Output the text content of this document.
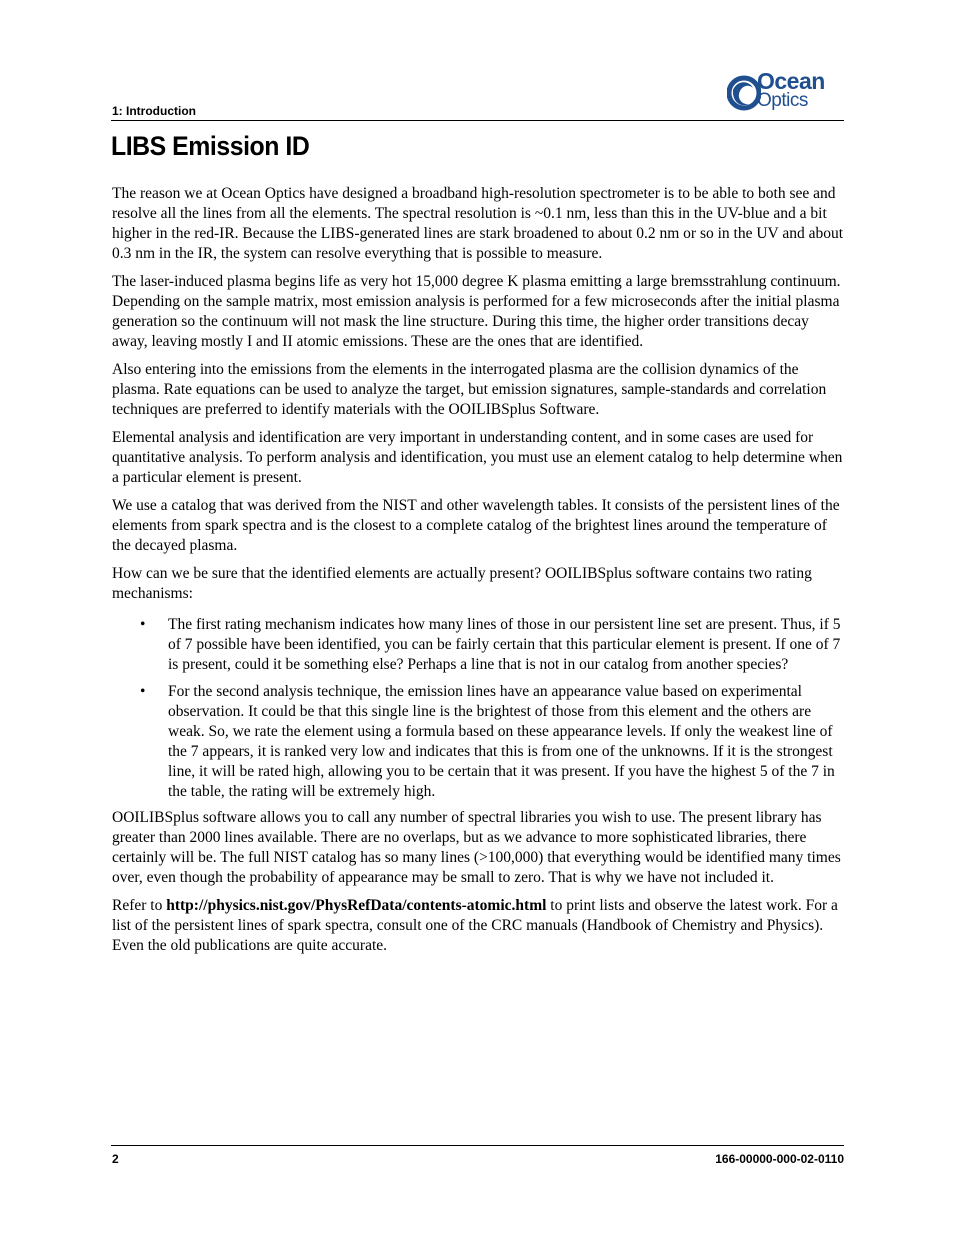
1: Introduction
Ocean
Optics
LIBS Emission ID

The reason we at Ocean Optics have designed a broadband high-resolution spectrometer is to be able to both see and resolve all the lines from all the elements. The spectral resolution is ~0.1 nm, less than this in the UV-blue and a bit higher in the red-IR. Because the LIBS-generated lines are stark broadened to about 0.2 nm or so in the UV and about 0.3 nm in the IR, the system can resolve everything that is possible to measure.

The laser-induced plasma begins life as very hot 15,000 degree K plasma emitting a large bremsstrahlung continuum. Depending on the sample matrix, most emission analysis is performed for a few microseconds after the initial plasma generation so the continuum will not mask the line structure. During this time, the higher order transitions decay away, leaving mostly I and II atomic emissions. These are the ones that are identified.

Also entering into the emissions from the elements in the interrogated plasma are the collision dynamics of the plasma. Rate equations can be used to analyze the target, but emission signatures, sample-standards and correlation techniques are preferred to identify materials with the OOILIBSplus Software.

Elemental analysis and identification are very important in understanding content, and in some cases are used for quantitative analysis. To perform analysis and identification, you must use an element catalog to help determine when a particular element is present.

We use a catalog that was derived from the NIST and other wavelength tables. It consists of the persistent lines of the elements from spark spectra and is the closest to a complete catalog of the brightest lines around the temperature of the decayed plasma.

How can we be sure that the identified elements are actually present? OOILIBSplus software contains two rating mechanisms:

• The first rating mechanism indicates how many lines of those in our persistent line set are present. Thus, if 5 of 7 possible have been identified, you can be fairly certain that this particular element is present. If one of 7 is present, could it be something else? Perhaps a line that is not in our catalog from another species?
• For the second analysis technique, the emission lines have an appearance value based on experimental observation. It could be that this single line is the brightest of those from this element and the others are weak. So, we rate the element using a formula based on these appearance levels. If only the weakest line of the 7 appears, it is ranked very low and indicates that this is from one of the unknowns. If it is the strongest line, it will be rated high, allowing you to be certain that it was present. If you have the highest 5 of the 7 in the table, the rating will be extremely high.

OOILIBSplus software allows you to call any number of spectral libraries you wish to use. The present library has greater than 2000 lines available. There are no overlaps, but as we advance to more sophisticated libraries, there certainly will be. The full NIST catalog has so many lines (>100,000) that everything would be identified many times over, even though the probability of appearance may be small to zero. That is why we have not included it.

Refer to http://physics.nist.gov/PhysRefData/contents-atomic.html to print lists and observe the latest work. For a list of the persistent lines of spark spectra, consult one of the CRC manuals (Handbook of Chemistry and Physics). Even the old publications are quite accurate.

2	166-00000-000-02-0110
